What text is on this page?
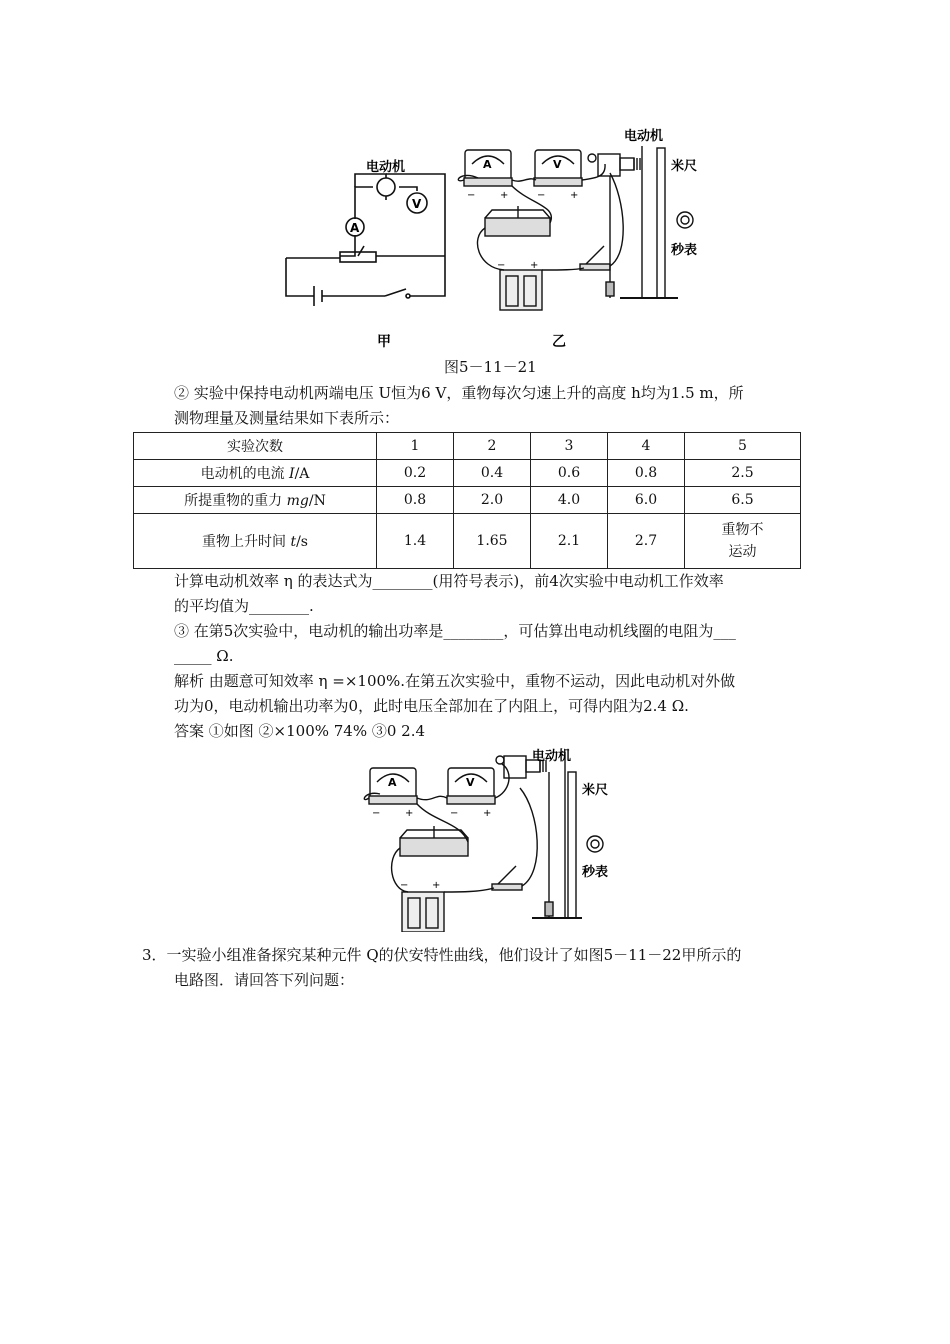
电动机
V
A
电动机
米尺
秒表
A	V
− +	− +
− +
甲	乙
图5－11－21
② 实验中保持电动机两端电压 U恒为6 V，重物每次匀速上升的高度 h均为1.5 m，所
测物理量及测量结果如下表所示：
实验次数	1	2	3	4	5
电动机的电流 I/A	0.2	0.4	0.6	0.8	2.5
所提重物的重力 mg/N	0.8	2.0	4.0	6.0	6.5
重物上升时间 t/s	1.4	1.65	2.1	2.7	重物不
运动
计算电动机效率 η 的表达式为________(用符号表示)，前4次实验中电动机工作效率
的平均值为________.
③ 在第5次实验中，电动机的输出功率是________，可估算出电动机线圈的电阻为___
_____ Ω.
解析 由题意可知效率 η =×100%.在第五次实验中，重物不运动，因此电动机对外做
功为0，电动机输出功率为0，此时电压全部加在了内阻上，可得内阻为2.4 Ω.
答案 ①如图 ②×100% 74% ③0 2.4
电动机
米尺
秒表
A	V
− +	− +
− +
3．一实验小组准备探究某种元件 Q的伏安特性曲线，他们设计了如图5－11－22甲所示的
电路图．请回答下列问题：
